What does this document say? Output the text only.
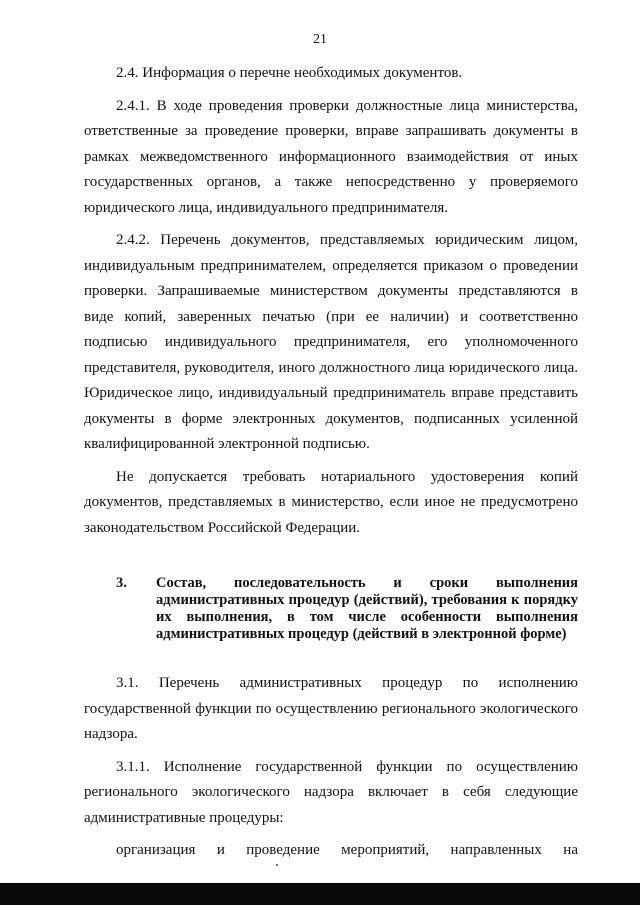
21

2.4. Информация о перечне необходимых документов.

2.4.1. В ходе проведения проверки должностные лица министерства, ответственные за проведение проверки, вправе запрашивать документы в рамках межведомственного информационного взаимодействия от иных государственных органов, а также непосредственно у проверяемого юридического лица, индивидуального предпринимателя.

2.4.2. Перечень документов, представляемых юридическим лицом, индивидуальным предпринимателем, определяется приказом о проведении проверки. Запрашиваемые министерством документы представляются в виде копий, заверенных печатью (при ее наличии) и соответственно подписью индивидуального предпринимателя, его уполномоченного представителя, руководителя, иного должностного лица юридического лица. Юридическое лицо, индивидуальный предприниматель вправе представить документы в форме электронных документов, подписанных усиленной квалифицированной электронной подписью.

Не допускается требовать нотариального удостоверения копий документов, представляемых в министерство, если иное не предусмотрено законодательством Российской Федерации.

3.	Состав, последовательность и сроки выполнения административных процедур (действий), требования к порядку их выполнения, в том числе особенности выполнения административных процедур (действий в электронной форме)

3.1. Перечень административных процедур по исполнению государственной функции по осуществлению регионального экологического надзора.

3.1.1. Исполнение государственной функции по осуществлению регионального экологического надзора включает в себя следующие административные процедуры:

организация и проведение мероприятий, направленных на
